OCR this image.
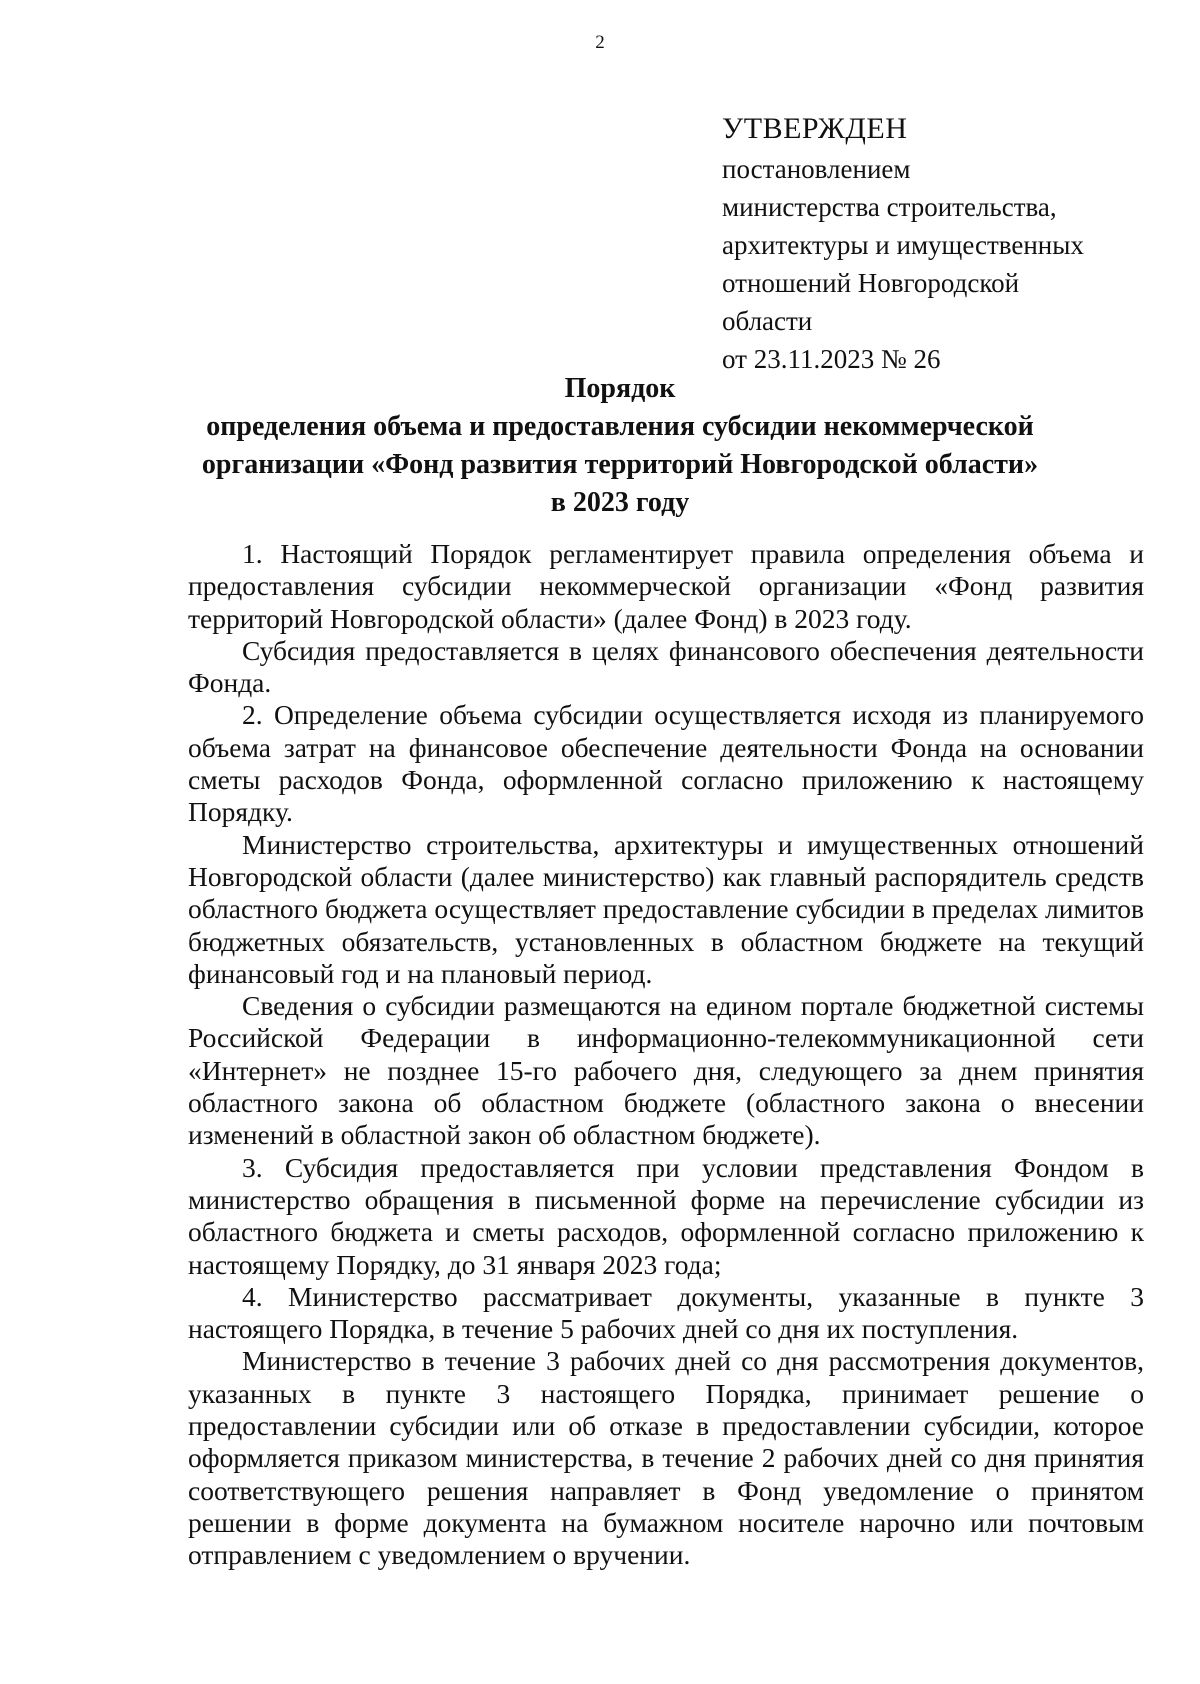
2
УТВЕРЖДЕН
постановлением
министерства строительства,
архитектуры и имущественных
отношений Новгородской
области
от 23.11.2023 № 26
Порядок
определения объема и предоставления субсидии некоммерческой
организации «Фонд развития территорий Новгородской области»
в 2023 году

1. Настоящий Порядок регламентирует правила определения объема и предоставления субсидии некоммерческой организации «Фонд развития территорий Новгородской области» (далее Фонд) в 2023 году.

Субсидия предоставляется в целях финансового обеспечения деятельности Фонда.

2. Определение объема субсидии осуществляется исходя из планируемого объема затрат на финансовое обеспечение деятельности Фонда на основании сметы расходов Фонда, оформленной согласно приложению к настоящему Порядку.

Министерство строительства, архитектуры и имущественных отношений Новгородской области (далее министерство) как главный распорядитель средств областного бюджета осуществляет предоставление субсидии в пределах лимитов бюджетных обязательств, установленных в областном бюджете на текущий финансовый год и на плановый период.

Сведения о субсидии размещаются на едином портале бюджетной системы Российской Федерации в информационно-телекоммуникационной сети «Интернет» не позднее 15-го рабочего дня, следующего за днем принятия областного закона об областном бюджете (областного закона о внесении изменений в областной закон об областном бюджете).

3. Субсидия предоставляется при условии представления Фондом в министерство обращения в письменной форме на перечисление субсидии из областного бюджета и сметы расходов, оформленной согласно приложению к настоящему Порядку, до 31 января 2023 года;

4. Министерство рассматривает документы, указанные в пункте 3 настоящего Порядка, в течение 5 рабочих дней со дня их поступления.

Министерство в течение 3 рабочих дней со дня рассмотрения документов, указанных в пункте 3 настоящего Порядка, принимает решение о предоставлении субсидии или об отказе в предоставлении субсидии, которое оформляется приказом министерства, в течение 2 рабочих дней со дня принятия соответствующего решения направляет в Фонд уведомление о принятом решении в форме документа на бумажном носителе нарочно или почтовым отправлением с уведомлением о вручении.
